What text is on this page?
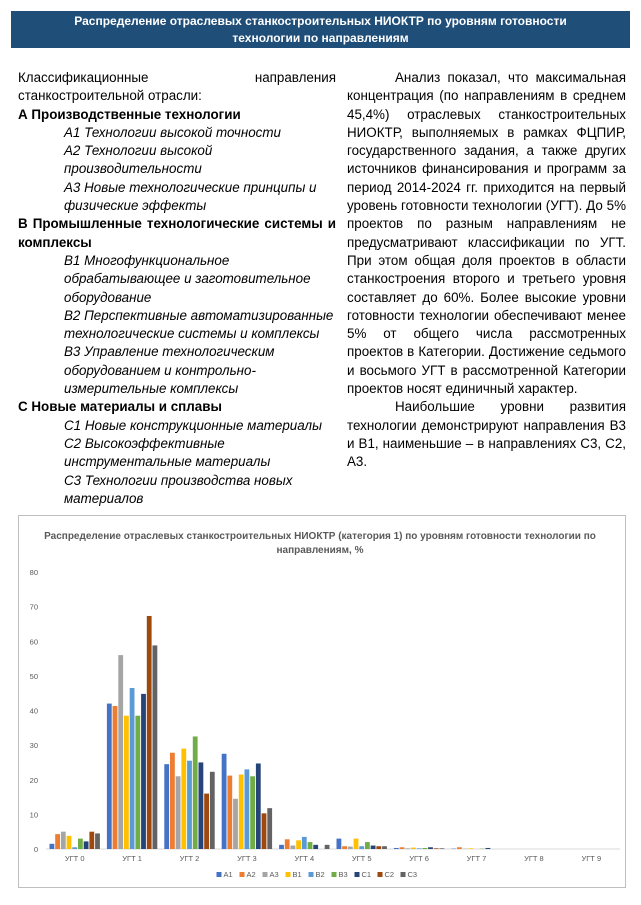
Распределение отраслевых станкостроительных НИОКТР по уровням готовности технологии по направлениям
Классификационные направления
станкостроительной отрасли:
А Производственные технологии
А1 Технологии высокой точности
А2 Технологии высокой производительности
А3 Новые технологические принципы и физические эффекты
В Промышленные технологические системы и комплексы
В1 Многофункциональное обрабатывающее и заготовительное оборудование
В2 Перспективные автоматизированные технологические системы и комплексы
В3 Управление технологическим оборудованием и контрольно-измерительные комплексы
С Новые материалы и сплавы
С1 Новые конструкционные материалы
С2 Высокоэффективные инструментальные материалы
С3 Технологии производства новых материалов

Анализ показал, что максимальная концентрация (по направлениям в среднем 45,4%) отраслевых станкостроительных НИОКТР, выполняемых в рамках ФЦПИР, государственного задания, а также других источников финансирования и программ за период 2014-2024 гг. приходится на первый уровень готовности технологии (УГТ). До 5% проектов по разным направлениям не предусматривают классификации по УГТ. При этом общая доля проектов в области станкостроения второго и третьего уровня составляет до 60%. Более высокие уровни готовности технологии обеспечивают менее 5% от общего числа рассмотренных проектов в Категории. Достижение седьмого и восьмого УГТ в рассмотренной Категории проектов носят единичный характер.

Наибольшие уровни развития технологии демонстрируют направления В3 и В1, наименьшие – в направлениях С3, С2, А3.

Распределение отраслевых станкостроительных НИОКТР (категория 1) по уровням готовности технологии по направлениям, %
0
10
20
30
40
50
60
70
80
УГТ 0	УГТ 1	УГТ 2	УГТ 3	УГТ 4	УГТ 5	УГТ 6	УГТ 7	УГТ 8	УГТ 9
А1 А2 А3 В1 В2 В3 С1 С2 С3
